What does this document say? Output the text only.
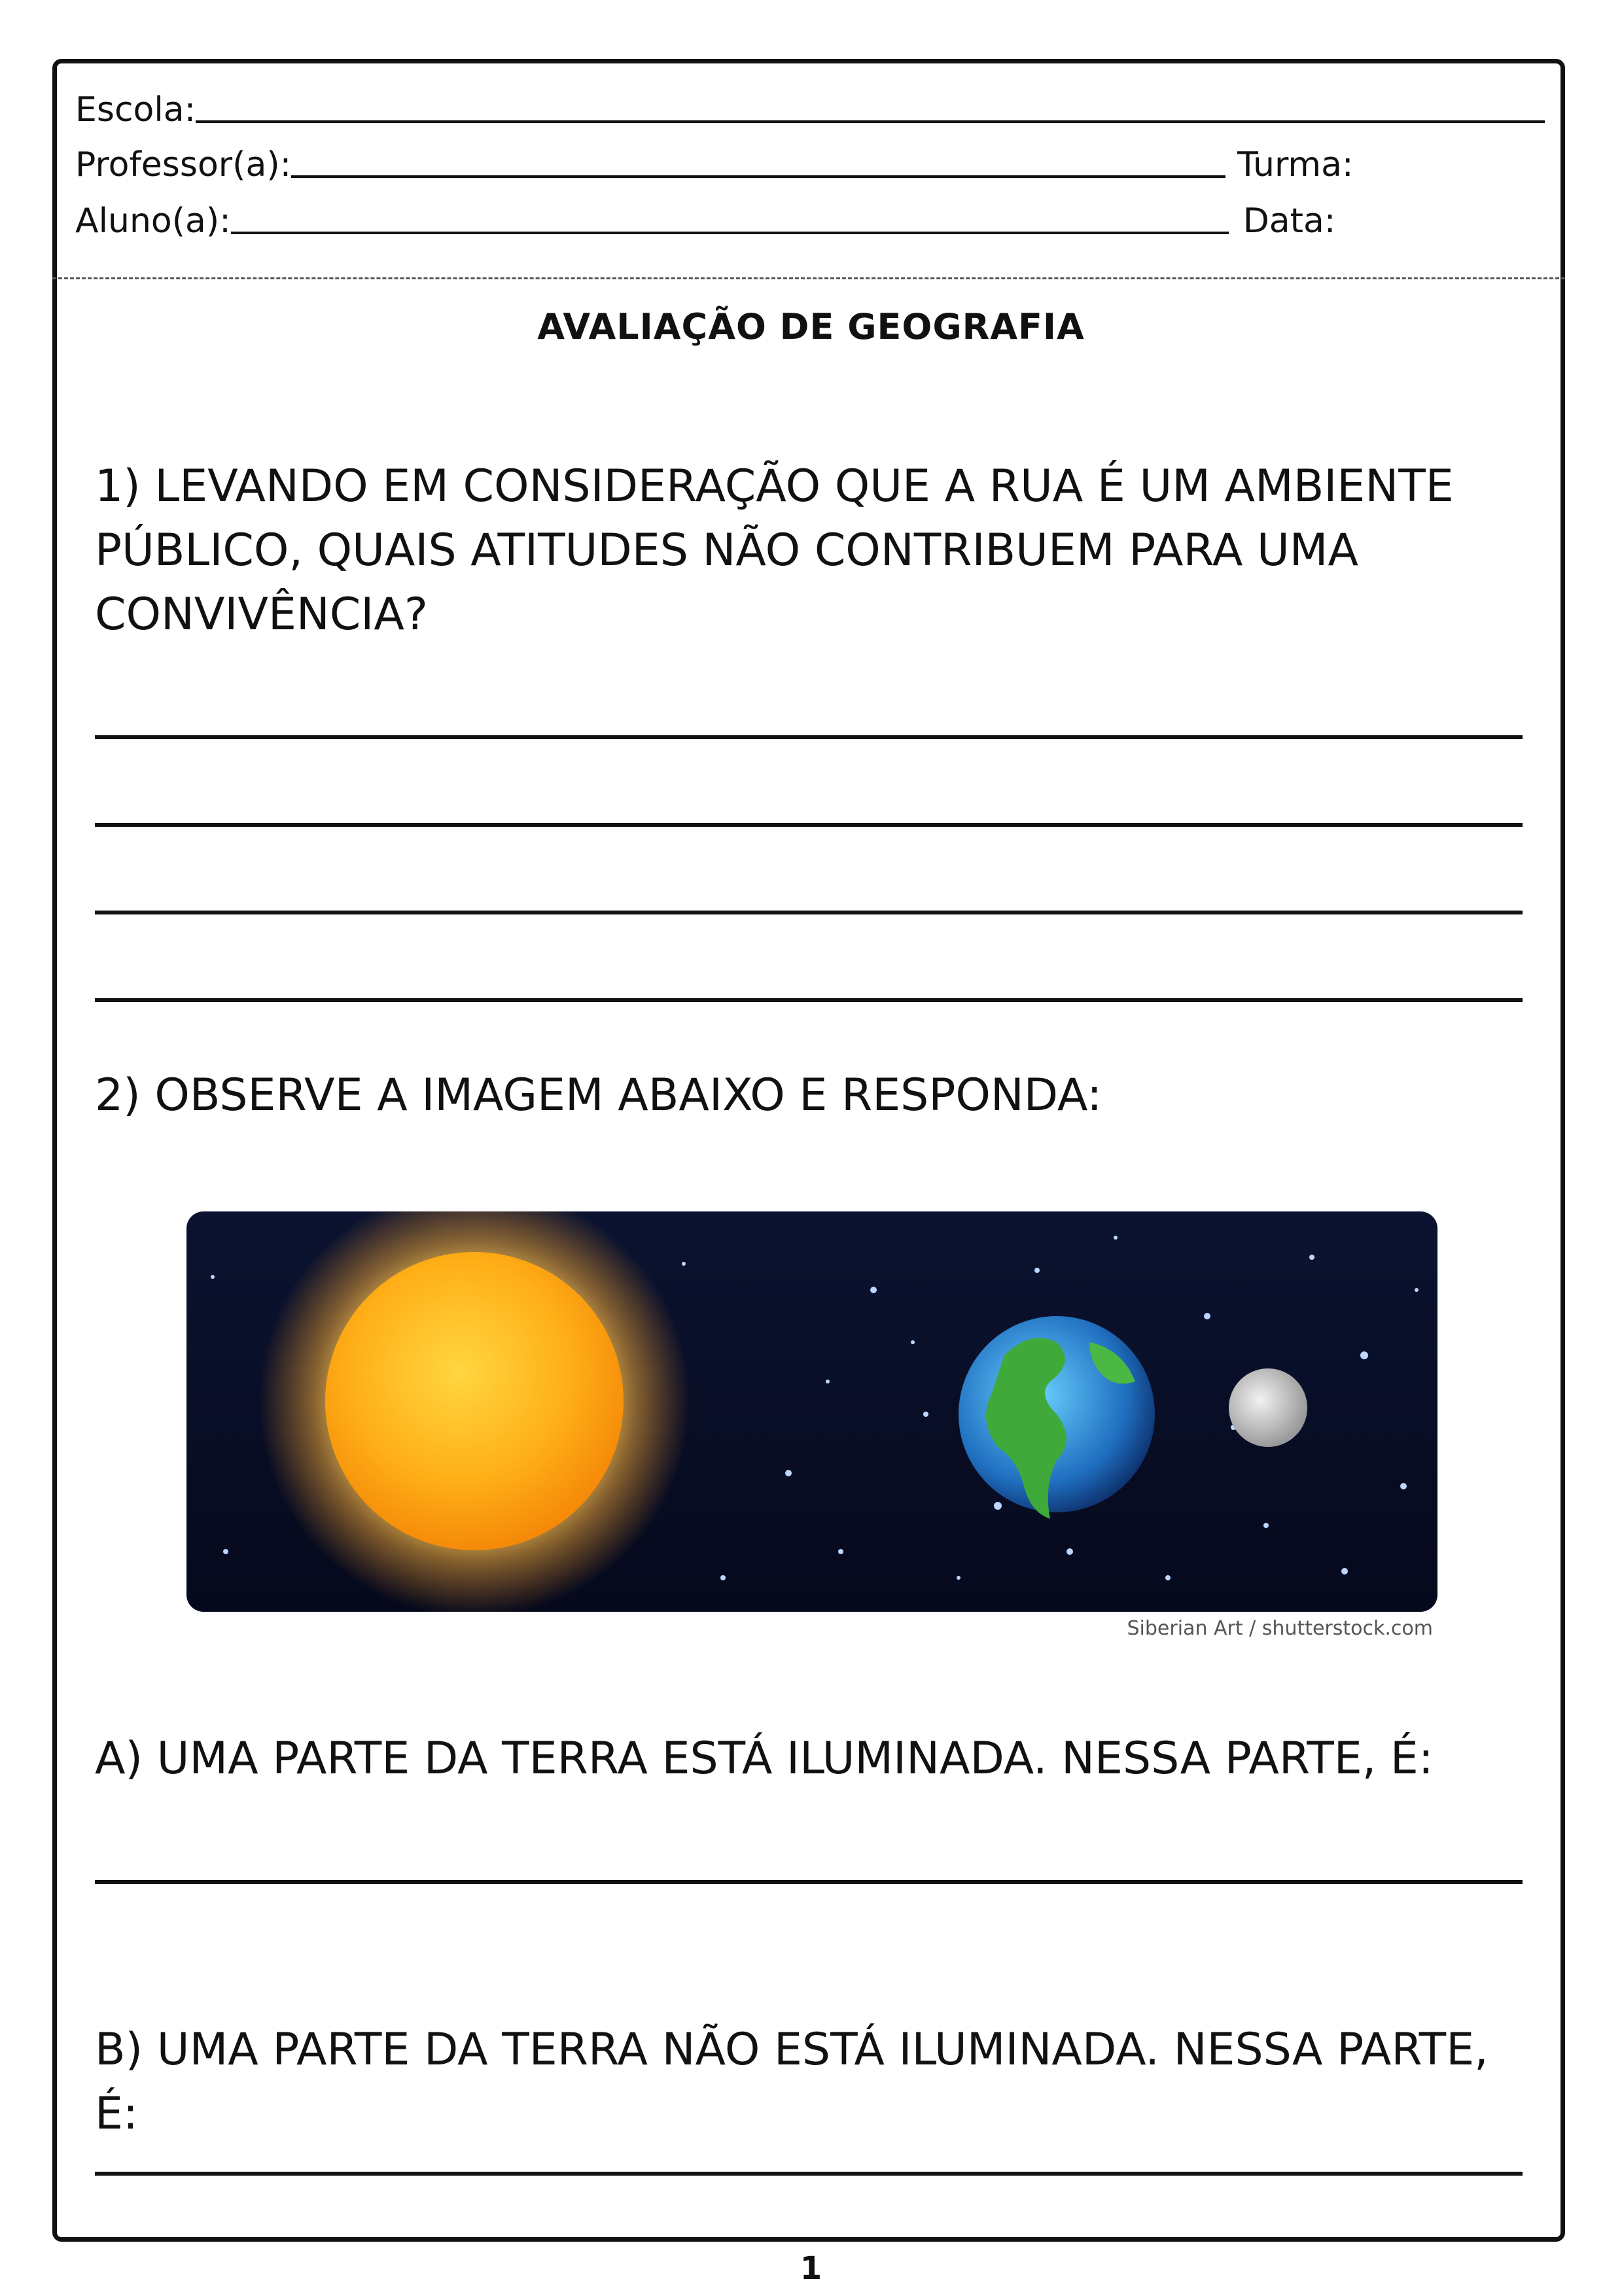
Escola:
Professor(a):	Turma:
Aluno(a):	Data:
AVALIAÇÃO DE GEOGRAFIA
1) LEVANDO EM CONSIDERAÇÃO QUE A RUA É UM AMBIENTE PÚBLICO, QUAIS ATITUDES NÃO CONTRIBUEM PARA UMA CONVIVÊNCIA?
2) OBSERVE A IMAGEM ABAIXO E RESPONDA:
Siberian Art / shutterstock.com
A) UMA PARTE DA TERRA ESTÁ ILUMINADA. NESSA PARTE, É:
B) UMA PARTE DA TERRA NÃO ESTÁ ILUMINADA. NESSA PARTE, É:
1
